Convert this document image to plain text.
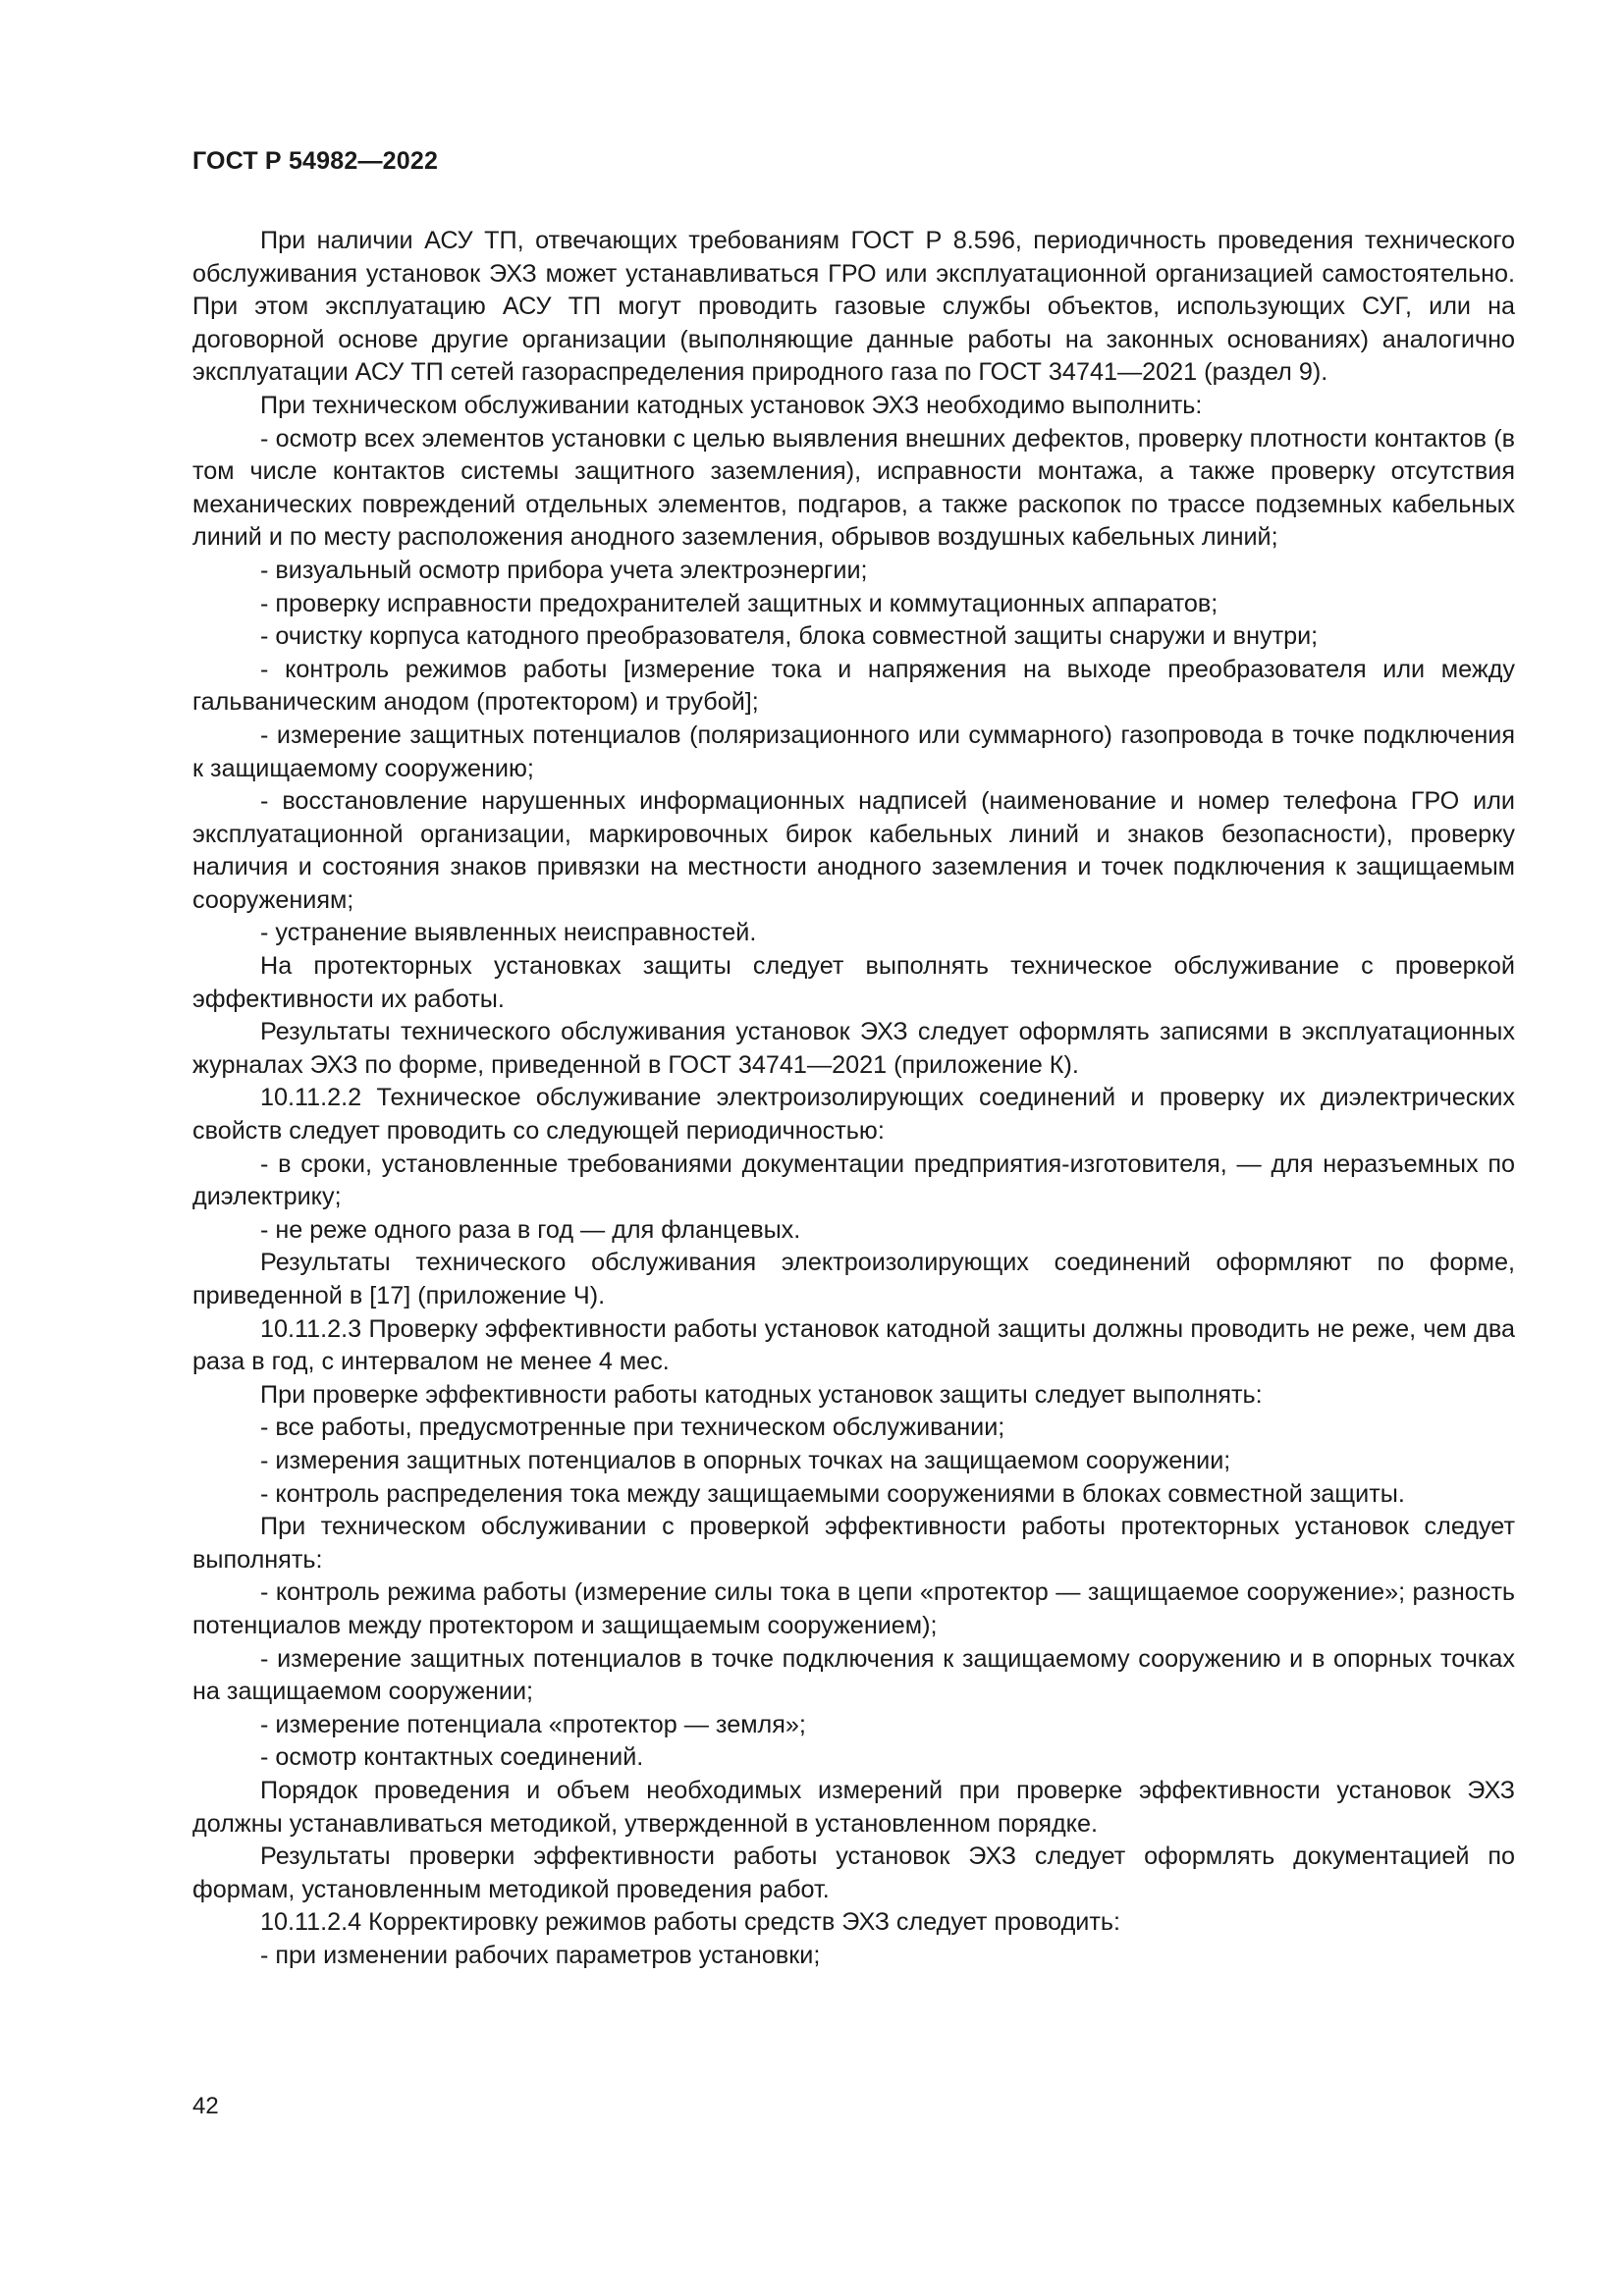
ГОСТ Р 54982—2022

При наличии АСУ ТП, отвечающих требованиям ГОСТ Р 8.596, периодичность проведения технического обслуживания установок ЭХЗ может устанавливаться ГРО или эксплуатационной организацией самостоятельно. При этом эксплуатацию АСУ ТП могут проводить газовые службы объектов, использующих СУГ, или на договорной основе другие организации (выполняющие данные работы на законных основаниях) аналогично эксплуатации АСУ ТП сетей газораспределения природного газа по ГОСТ 34741—2021 (раздел 9).

При техническом обслуживании катодных установок ЭХЗ необходимо выполнить:

- осмотр всех элементов установки с целью выявления внешних дефектов, проверку плотности контактов (в том числе контактов системы защитного заземления), исправности монтажа, а также проверку отсутствия механических повреждений отдельных элементов, подгаров, а также раскопок по трассе подземных кабельных линий и по месту расположения анодного заземления, обрывов воздушных кабельных линий;

- визуальный осмотр прибора учета электроэнергии;

- проверку исправности предохранителей защитных и коммутационных аппаратов;

- очистку корпуса катодного преобразователя, блока совместной защиты снаружи и внутри;

- контроль режимов работы [измерение тока и напряжения на выходе преобразователя или между гальваническим анодом (протектором) и трубой];

- измерение защитных потенциалов (поляризационного или суммарного) газопровода в точке подключения к защищаемому сооружению;

- восстановление нарушенных информационных надписей (наименование и номер телефона ГРО или эксплуатационной организации, маркировочных бирок кабельных линий и знаков безопасности), проверку наличия и состояния знаков привязки на местности анодного заземления и точек подключения к защищаемым сооружениям;

- устранение выявленных неисправностей.

На протекторных установках защиты следует выполнять техническое обслуживание с проверкой эффективности их работы.

Результаты технического обслуживания установок ЭХЗ следует оформлять записями в эксплуатационных журналах ЭХЗ по форме, приведенной в ГОСТ 34741—2021 (приложение К).

10.11.2.2 Техническое обслуживание электроизолирующих соединений и проверку их диэлектрических свойств следует проводить со следующей периодичностью:

- в сроки, установленные требованиями документации предприятия-изготовителя, — для неразъемных по диэлектрику;

- не реже одного раза в год — для фланцевых.

Результаты технического обслуживания электроизолирующих соединений оформляют по форме, приведенной в [17] (приложение Ч).

10.11.2.3 Проверку эффективности работы установок катодной защиты должны проводить не реже, чем два раза в год, с интервалом не менее 4 мес.

При проверке эффективности работы катодных установок защиты следует выполнять:

- все работы, предусмотренные при техническом обслуживании;

- измерения защитных потенциалов в опорных точках на защищаемом сооружении;

- контроль распределения тока между защищаемыми сооружениями в блоках совместной защиты.

При техническом обслуживании с проверкой эффективности работы протекторных установок следует выполнять:

- контроль режима работы (измерение силы тока в цепи «протектор — защищаемое сооружение»; разность потенциалов между протектором и защищаемым сооружением);

- измерение защитных потенциалов в точке подключения к защищаемому сооружению и в опорных точках на защищаемом сооружении;

- измерение потенциала «протектор — земля»;

- осмотр контактных соединений.

Порядок проведения и объем необходимых измерений при проверке эффективности установок ЭХЗ должны устанавливаться методикой, утвержденной в установленном порядке.

Результаты проверки эффективности работы установок ЭХЗ следует оформлять документацией по формам, установленным методикой проведения работ.

10.11.2.4 Корректировку режимов работы средств ЭХЗ следует проводить:

- при изменении рабочих параметров установки;

42
